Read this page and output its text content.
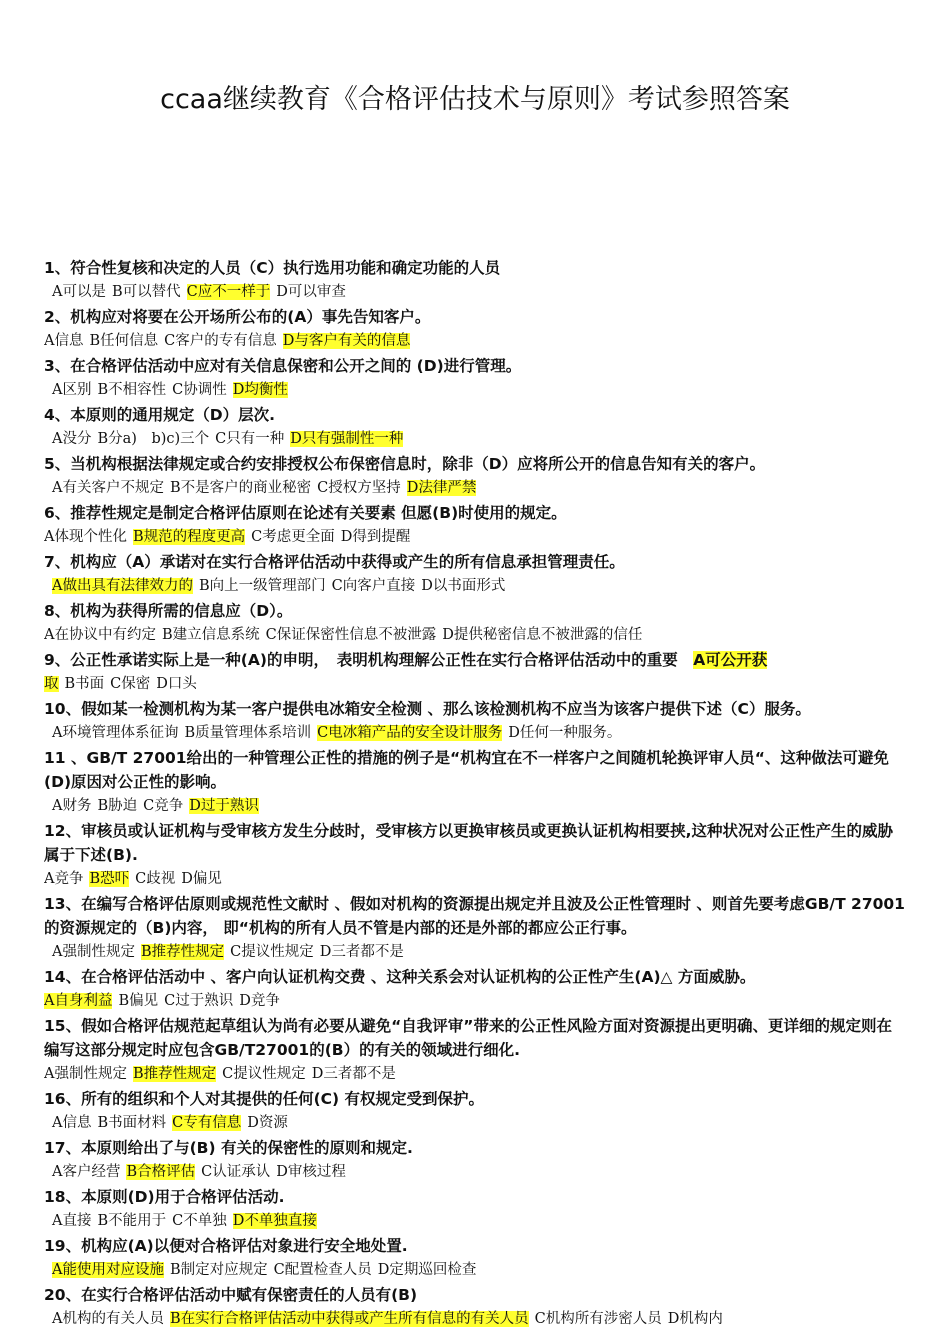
ccaa继续教育《合格评估技术与原则》考试参照答案

1、符合性复核和决定的人员（C）执行选用功能和确定功能的人员

A可以是 B可以替代 C应不一样于 D可以审查

2、机构应对将要在公开场所公布的(A）事先告知客户。

A信息 B任何信息 C客户的专有信息 D与客户有关的信息

3、在合格评估活动中应对有关信息保密和公开之间的 (D)进行管理。

A区别 B不相容性 C协调性 D均衡性

4、本原则的通用规定（D）层次.

A没分 B分a)　b)c)三个 C只有一种 D只有强制性一种

5、当机构根据法律规定或合约安排授权公布保密信息时，除非（D）应将所公开的信息告知有关的客户。

A有关客户不规定 B不是客户的商业秘密 C授权方坚持 D法律严禁

6、推荐性规定是制定合格评估原则在论述有关要素 但愿(B)时使用的规定。

A体现个性化 B规范的程度更高 C考虑更全面 D得到提醒

7、机构应（A）承诺对在实行合格评估活动中获得或产生的所有信息承担管理责任。

A做出具有法律效力的 B向上一级管理部门 C向客户直接 D以书面形式

8、机构为获得所需的信息应（D）。

A在协议中有约定 B建立信息系统 C保证保密性信息不被泄露 D提供秘密信息不被泄露的信任

9、公正性承诺实际上是一种(A)的申明，　表明机构理解公正性在实行合格评估活动中的重要　 A可公开获

取 B书面 C保密 D口头

10、假如某一检测机构为某一客户提供电冰箱安全检测 、那么该检测机构不应当为该客户提供下述（C）服务。

A环境管理体系征询 B质量管理体系培训 C电冰箱产品的安全设计服务 D任何一种服务。

11 、GB/T 27001给出的一种管理公正性的措施的例子是“机构宜在不一样客户之间随机轮换评审人员“、这种做法可避免(D)原因对公正性的影响。

A财务 B胁迫 C竞争 D过于熟识

12、审核员或认证机构与受审核方发生分歧时，受审核方以更换审核员或更换认证机构相要挟,这种状况对公正性产生的威胁属于下述(B).

A竞争 B恐吓 C歧视 D偏见

13、在编写合格评估原则或规范性文献时 、假如对机构的资源提出规定并且波及公正性管理时 、则首先要考虑GB/T 27001的资源规定的（B)内容， 即“机构的所有人员不管是内部的还是外部的都应公正行事。

A强制性规定 B推荐性规定 C提议性规定 D三者都不是

14、在合格评估活动中 、客户向认证机构交费 、这种关系会对认证机构的公正性产生(A)△ 方面威胁。

A自身利益 B偏见 C过于熟识 D竞争

15、假如合格评估规范起草组认为尚有必要从避免“自我评审”带来的公正性风险方面对资源提出更明确、更详细的规定则在编写这部分规定时应包含GB/T27001的(B）的有关的领域进行细化.

A强制性规定 B推荐性规定 C提议性规定 D三者都不是

16、所有的组织和个人对其提供的任何(C) 有权规定受到保护。

A信息 B书面材料 C专有信息 D资源

17、本原则给出了与(B) 有关的保密性的原则和规定.

A客户经营 B合格评估 C认证承认 D审核过程

18、本原则(D)用于合格评估活动.

A直接 B不能用于 C不单独 D不单独直接

19、机构应(A)以便对合格评估对象进行安全地处置.

A能使用对应设施 B制定对应规定 C配置检查人员 D定期巡回检查

20、在实行合格评估活动中赋有保密责任的人员有(B)

A机构的有关人员 B在实行合格评估活动中获得或产生所有信息的有关人员 C机构所有涉密人员 D机构内
